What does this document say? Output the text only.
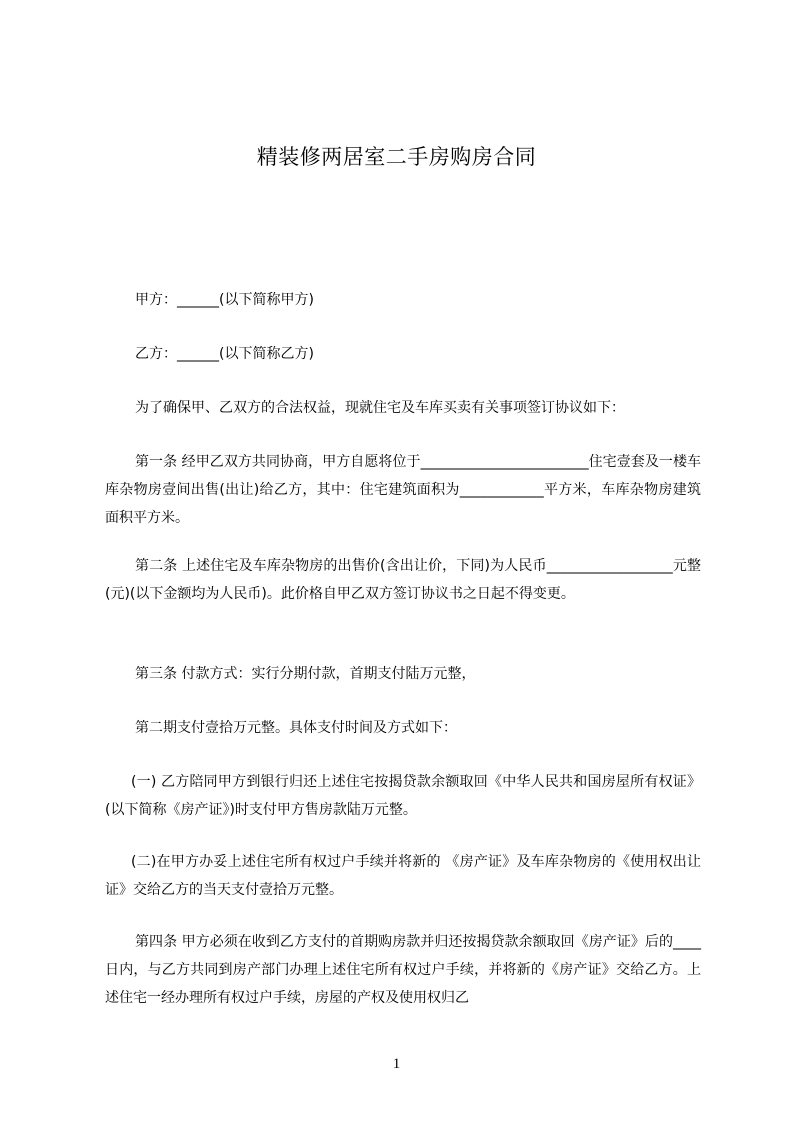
精装修两居室二手房购房合同

甲方：______(以下简称甲方)

乙方：______(以下简称乙方)

为了确保甲、乙双方的合法权益，现就住宅及车库买卖有关事项签订协议如下：

第一条 经甲乙双方共同协商，甲方自愿将位于________________________住宅壹套及一楼车库杂物房壹间出售(出让)给乙方，其中：住宅建筑面积为____________平方米，车库杂物房建筑面积平方米。

第二条 上述住宅及车库杂物房的出售价(含出让价，下同)为人民币__________________元整(元)(以下金额均为人民币)。此价格自甲乙双方签订协议书之日起不得变更。

第三条 付款方式：实行分期付款，首期支付陆万元整，

第二期支付壹拾万元整。具体支付时间及方式如下：

(一) 乙方陪同甲方到银行归还上述住宅按揭贷款余额取回《中华人民共和国房屋所有权证》(以下简称《房产证》)时支付甲方售房款陆万元整。

(二)在甲方办妥上述住宅所有权过户手续并将新的 《房产证》及车库杂物房的《使用权出让证》交给乙方的当天支付壹拾万元整。

第四条 甲方必须在收到乙方支付的首期购房款并归还按揭贷款余额取回《房产证》后的____日内，与乙方共同到房产部门办理上述住宅所有权过户手续，并将新的《房产证》交给乙方。上述住宅一经办理所有权过户手续，房屋的产权及使用权归乙

1
